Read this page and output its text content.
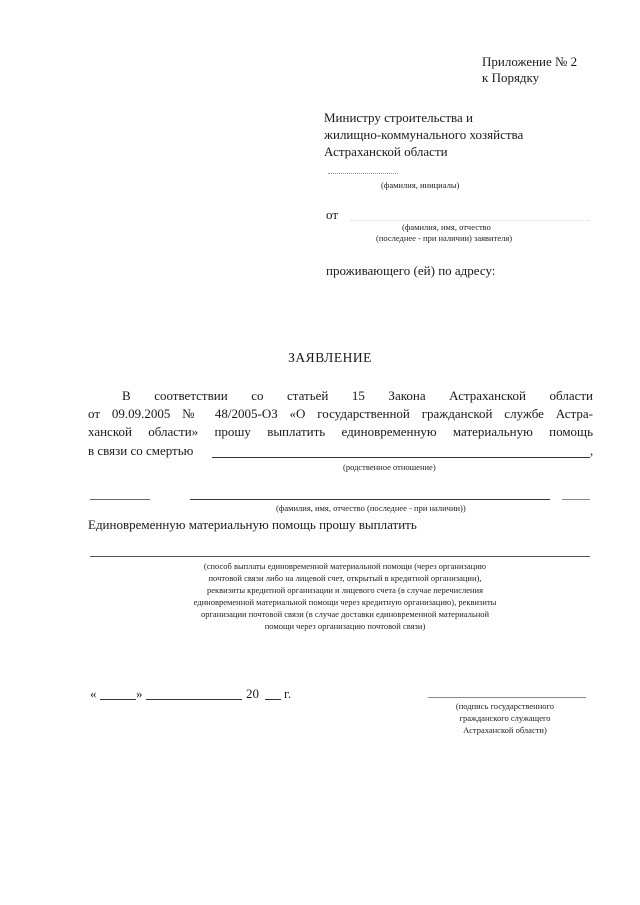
Приложение № 2
к Порядку
Министру строительства и
жилищно-коммунального хозяйства
Астраханской области
(фамилия, инициалы)
от
(фамилия, имя, отчество
(последнее - при наличии) заявителя)
проживающего (ей) по адресу:
ЗАЯВЛЕНИЕ
В соответствии со статьей 15 Закона Астраханской области
от 09.09.2005 № 48/2005-ОЗ «О государственной гражданской службе Астра-
ханской области» прошу выплатить единовременную материальную помощь
в связи со смертью	,
(родственное отношение)
(фамилия, имя, отчество (последнее - при наличии))
Единовременную материальную помощь прошу выплатить
(способ выплаты единовременной материальной помощи (через организацию
почтовой связи либо на лицевой счет, открытый в кредитной организации),
реквизиты кредитной организации и лицевого счета (в случае перечисления
единовременной материальной помощи через кредитную организацию), реквизиты
организации почтовой связи (в случае доставки единовременной материальной
помощи через организацию почтовой связи)
«	»	20 г.
(подпись государственного
гражданского служащего
Астраханской области)
